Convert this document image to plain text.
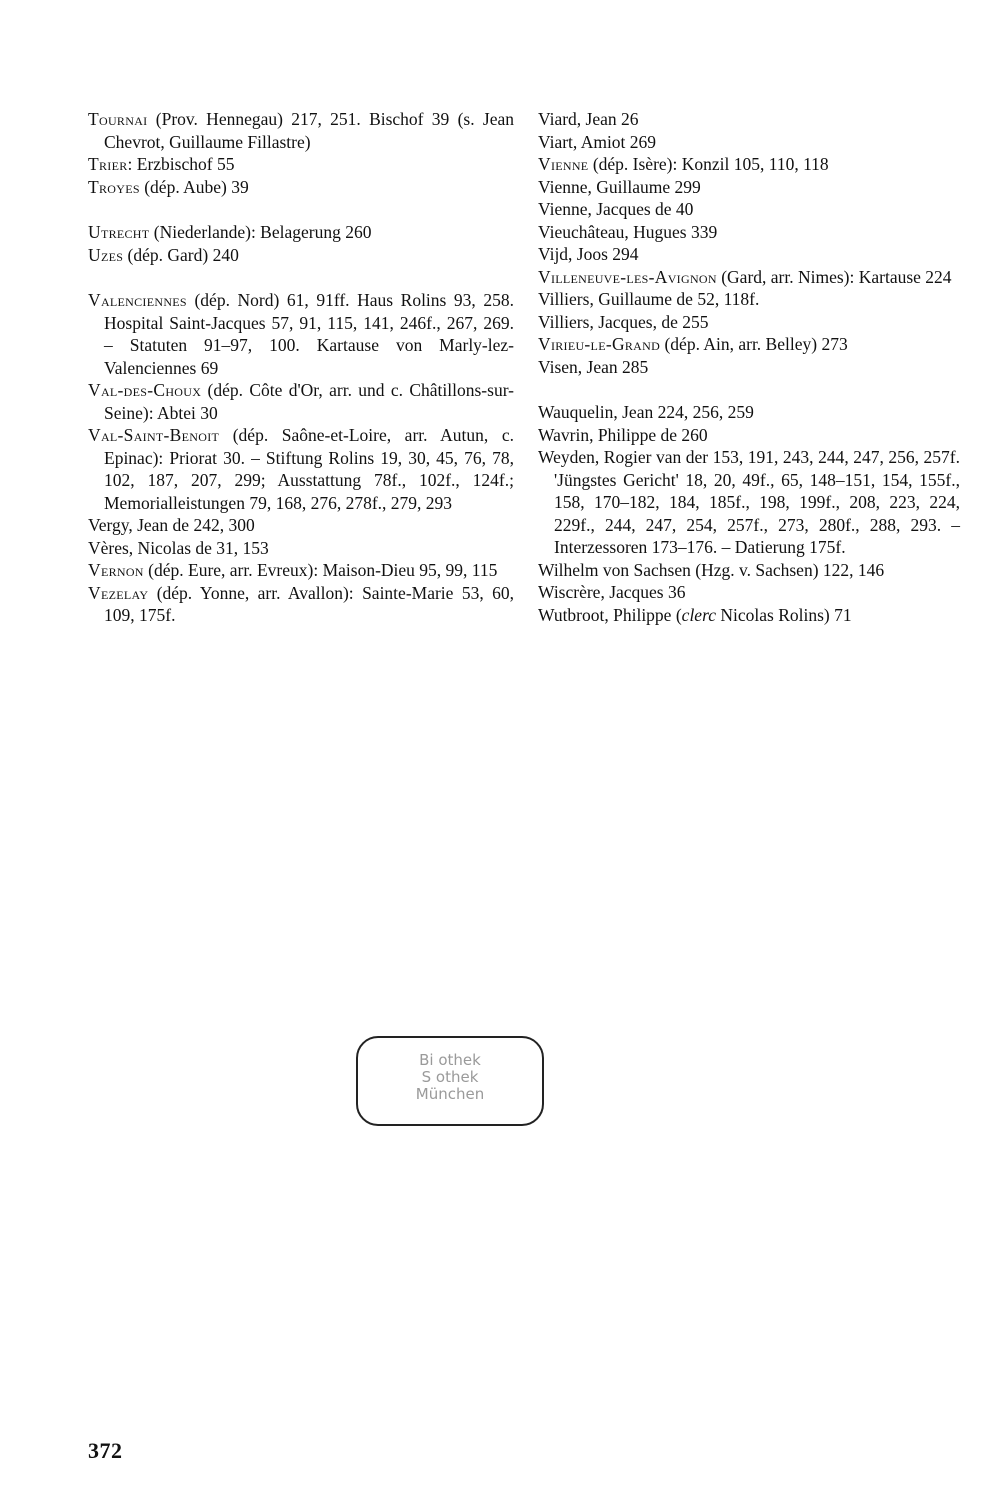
Tournai (Prov. Hennegau) 217, 251. Bischof 39 (s. Jean Chevrot, Guillaume Fillastre)

Trier: Erzbischof 55

Troyes (dép. Aube) 39

Utrecht (Niederlande): Belagerung 260

Uzes (dép. Gard) 240

Valenciennes (dép. Nord) 61, 91ff. Haus Rolins 93, 258. Hospital Saint-Jacques 57, 91, 115, 141, 246f., 267, 269. – Statuten 91–97, 100. Kartause von Marly-lez-Valenciennes 69

Val-des-Choux (dép. Côte d'Or, arr. und c. Châtillons-sur-Seine): Abtei 30

Val-Saint-Benoit (dép. Saône-et-Loire, arr. Autun, c. Epinac): Priorat 30. – Stiftung Rolins 19, 30, 45, 76, 78, 102, 187, 207, 299; Ausstattung 78f., 102f., 124f.; Memorialleistungen 79, 168, 276, 278f., 279, 293

Vergy, Jean de 242, 300

Vères, Nicolas de 31, 153

Vernon (dép. Eure, arr. Evreux): Maison-Dieu 95, 99, 115

Vezelay (dép. Yonne, arr. Avallon): Sainte-Marie 53, 60, 109, 175f.

Viard, Jean 26

Viart, Amiot 269

Vienne (dép. Isère): Konzil 105, 110, 118

Vienne, Guillaume 299

Vienne, Jacques de 40

Vieuchâteau, Hugues 339

Vijd, Joos 294

Villeneuve-les-Avignon (Gard, arr. Nimes): Kartause 224

Villiers, Guillaume de 52, 118f.

Villiers, Jacques, de 255

Virieu-le-Grand (dép. Ain, arr. Belley) 273

Visen, Jean 285

Wauquelin, Jean 224, 256, 259

Wavrin, Philippe de 260

Weyden, Rogier van der 153, 191, 243, 244, 247, 256, 257f. 'Jüngstes Gericht' 18, 20, 49f., 65, 148–151, 154, 155f., 158, 170–182, 184, 185f., 198, 199f., 208, 223, 224, 229f., 244, 247, 254, 257f., 273, 280f., 288, 293. – Interzessoren 173–176. – Datierung 175f.

Wilhelm von Sachsen (Hzg. v. Sachsen) 122, 146

Wiscrère, Jacques 36

Wutbroot, Philippe (clerc Nicolas Rolins) 71

Bi othek
S othek
München
372
